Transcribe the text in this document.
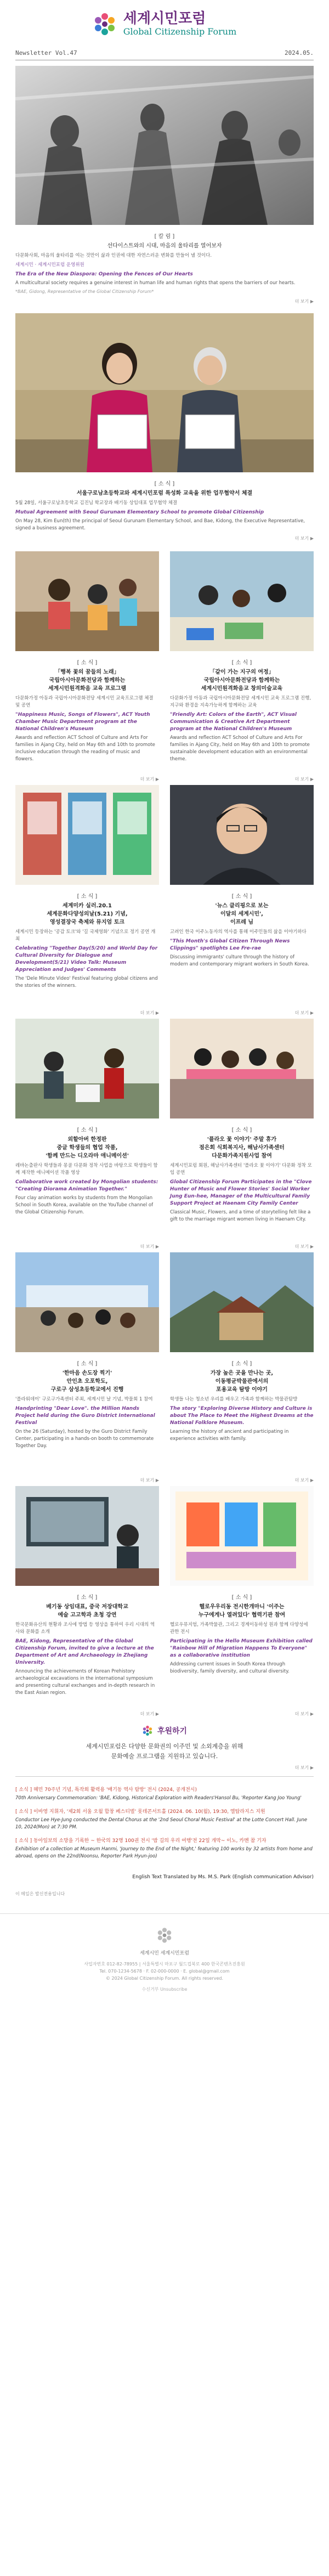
세계시민포럼
Global Citizenship Forum
Newsletter Vol.47	2024.05.
[ 칼 럼 ]
선다이스트와의 시대, 마음의 울타리를 열어보자
다문화사회, 마음의 울타리를 여는 것만이 삶과 인권에 대한 자연스러운 변화를 만들어 낼 것이다.
세계시민 · 세계시민포럼 운영위원
The Era of the New Diaspora: Opening the Fences of Our Hearts
A multicultural society requires a genuine interest in human life and human rights that opens the barriers of our hearts.
*BAE, Gidong, Representative of the Global Citizenship Forum*
더 보기 ▶
[ 소 식 ]
서울구로남초등학교와 세계시민포럼 특성화 교육을 위한 업무협약서 체결
5월 28일, 서울구로남초등학교 김진님 학교장과 배기동 상임대표 업무협약 체결
Mutual Agreement with Seoul Gurunam Elementary School to promote Global Citizenship
On May 28, Kim Eun(th) the principal of Seoul Gurunam Elementary School, and Bae, Kidong, the Executive Representative, signed a business agreement.
더 보기 ▶
[ 소 식 ]
「행복 꽃의 꿈들의 노래」
국립아시아문화전당과 함께하는
세계시민원격화음 교육 프로그램
다문화가정 아동과 국립아시아문화전당 세계시민 교육프로그램 체결 및 공연
"Happiness Music, Songs of Flowers", ACT Youth Chamber Music Department program at the National Children's Museum
Awards and reflection ACT School of Culture and Arts For families in Ajang City, held on May 6th and 10th to promote inclusive education through the reading of music and flowers.
더 보기 ▶
[ 소 식 ]
「같이 가는 지구의 여정」
국립아시아문화전당과 함께하는
세계시민원격화음교 창의미술교육
다문화가정 아동과 국립아시아문화전당 세계시민 교육 프로그램 진행, 지구와 환경을 지속가능하게 함께하는 교육
"Friendly Art: Colors of the Earth", ACT Visual Communication & Creative Art Department program at the National Children's Museum
Awards and reflection ACT School of Culture and Arts For families in Ajang City, held on May 6th and 10th to promote sustainable development education with an environmental theme.
더 보기 ▶
[ 소 식 ]
세계미카 실러.20.1
세계문화다양성의날(5.21) 기념,
영성결장국 축제와 뮤지엄 토크
세계시민 등장하는 '공감 토크'와 '길 국제영화' 기념으로 정기 공연 개최
Celebrating "Together Day(5/20) and World Day for Cultural Diversity for Dialogue and Development(5/21) Video Talk: Museum Appreciation and Judges' Comments
The 'Dele Minute Video' Festival featuring global citizens and the stories of the winners.
더 보기 ▶
[ 소 식 ]
'뉴스 클리핑으로 보는
이달의 세계시민',
이프레 님
고려인 한국 이주노동자의 역사를 통해 이주민들의 삶을 이야기하다
"This Month's Global Citizen Through News Clippings" spotlights Lee Fre-rae
Discussing immigrants' culture through the history of modern and contemporary migrant workers in South Korea.
더 보기 ▶
[ 소 식 ]
외할아버 한정판
중글 학생들의 협업 작품,
'함께 만드는 디오라마 애니메이션'
레바논출판사 학생들과 몽골 다문화 정착 사업을 바탕으로 학생들이 함께 제작한 애니메이션 작품 영상
Collaborative work created by Mongolian students: "Creating Diorama Animation Together."
Four clay animation works by students from the Mongolian School in South Korea, available on the YouTube channel of the Global Citizenship Forum.
더 보기 ▶
[ 소 식 ]
'플라오 꽃 이야기' 주말 휴가
점은회 식회복지사, 해남사가족센터
다문화가족지원사업 참여
세계시민포럼 회원, 해남사가족센터 '플라오 꽃 이야기' 다문화 정착 모임 공연
Global Citizenship Forum Participates in the "Clove Hunter of Music and Flower Stories' Social Worker Jung Eun-hee, Manager of the Multicultural Family Support Project at Haenam City Family Center
Classical Music, Flowers, and a time of storytelling felt like a gift to the marriage migrant women living in Haenam City.
더 보기 ▶
[ 소 식 ]
'한마음 손도장 찍기'
안인초 오포학도,
구로구 삼성초등학교에서 진행
'플라워데이' 구로구가족센터 주최, 세계시민 날 기념, 박물회 1 참여
Handprinting "Dear Love". the Million Hands Project held during the Guro District International Festival
On the 26 (Saturday), hosted by the Guro District Family Center, participating in a hands-on booth to commemorate Together Day.
더 보기 ▶
[ 소 식 ]
가장 높은 곳을 만나는 곳,
이동평균박물관에서의
포용교육 탐방 이야기
학생들 나는 청소년 우리를 배우고 가족과 함께하는 박물관탐방
The story "Exploring Diverse History and Culture is about The Place to Meet the Highest Dreams at the National Folklore Museum.
Learning the history of ancient and participating in experience activities with family.
더 보기 ▶
[ 소 식 ]
베기동 상임대표, 중국 저장대학교
예술 고고학과 초청 강연
한국문화유산의 현황과 조사에 방법 등 영상을 통하여 우리 시대의 역사와 문화를 소개
BAE, Kidong, Representative of the Global Citizenship Forum, invited to give a lecture at the Department of Art and Archaeology in Zhejiang University.
Announcing the achievements of Korean Prehistory archaeological excavations in the international symposium and presenting cultural exchanges and in-depth research in the East Asian region.
더 보기 ▶
[ 소 식 ]
헬로우우리동 전시한개마니 '이주는
누구에게나 열려있다' 협력기관 참여
헬로우뮤지엄, 가족박물관, 그리고 경계이동하성 원과 함께 다양성에 관한 전시
Participating in the Hello Museum Exhibition called "Rainbow Hill of Migration Happens To Everyone" as a collaborative institution
Addressing current issues in South Korea through biodiversity, family diversity, and cultural diversity.
더 보기 ▶
후원하기
세계시민포럼은 다양한 문화권의 이주민 및 소외계층을 위해
문화예술 프로그램을 지원하고 있습니다.
더 보기 ▶
[ 소식 ] 혜민 70주년 기념, 특작회 활력용 '배기동 역사 탐방' 전시 (2024, 공개전시)
70th Anniversary Commemoration: 'BAE, Kidong, Historical Exploration with Readers'Hansol Bu, 'Reporter Kang Joo Young'
[ 소식 ] 이바영 지휘자, '제2회 서울 오월 합창 페스티벌' 롯데콘서트홀 (2024. 06. 10(월), 19:30, 엘탑라지스 지원
Conductor Lee Hye-Jung conducted the Dental Chorus at the '2nd Seoul Choral Music Festival' at the Lotte Concert Hall. June 10, 2024(Mon) at 7:30 PM.
[ 소식 ] 동아일보의 소망을 기록한 ~ 한국의 32명 100권 전시 '밤 길의 우리 여행'전 22일 개막~ 이노, 카멘 참 기자
Exhibition of a collection at Museum Hanmi, 'Journey to the End of the Night,' featuring 100 works by 32 artists from home and abroad, opens on the 22nd(Noonsu, Reporter Park Hyun-joo)
English Text Translated by Ms. M.S. Park (English communication Advisor)
이 메일은 발신전용입니다
세계시민 세계시민포럼
사업자번호 012-82-78955 | 서울특별시 마포구 월드컵북로 400 한국콘텐츠진흥원
Tel. 070-1234-5678 · F. 02-000-0000 · E. global@gmail.com
© 2024 Global Citizenship Forum. All rights reserved.
수신거부 Unsubscribe
